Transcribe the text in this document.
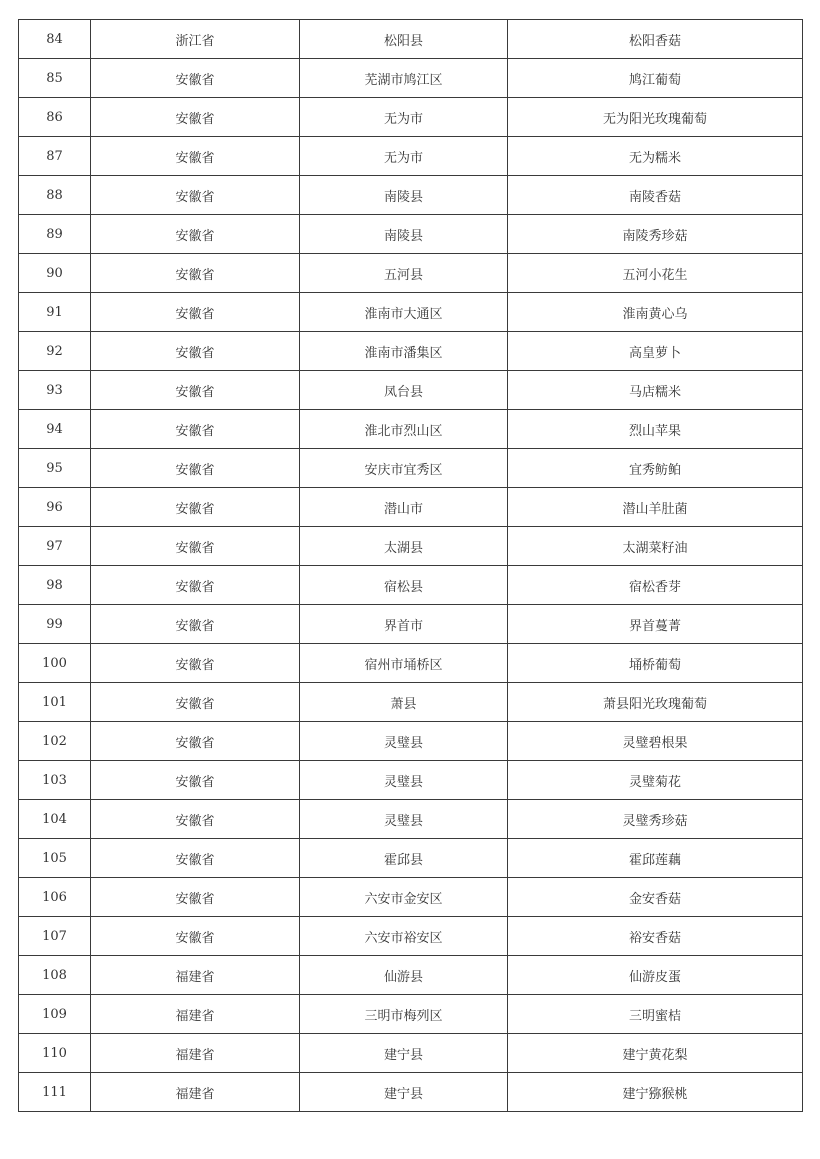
84	浙江省	松阳县	松阳香菇
85	安徽省	芜湖市鸠江区	鸠江葡萄
86	安徽省	无为市	无为阳光玫瑰葡萄
87	安徽省	无为市	无为糯米
88	安徽省	南陵县	南陵香菇
89	安徽省	南陵县	南陵秀珍菇
90	安徽省	五河县	五河小花生
91	安徽省	淮南市大通区	淮南黄心乌
92	安徽省	淮南市潘集区	高皇萝卜
93	安徽省	凤台县	马店糯米
94	安徽省	淮北市烈山区	烈山苹果
95	安徽省	安庆市宜秀区	宜秀鲂鲌
96	安徽省	潜山市	潜山羊肚菌
97	安徽省	太湖县	太湖菜籽油
98	安徽省	宿松县	宿松香芽
99	安徽省	界首市	界首蔓菁
100	安徽省	宿州市埇桥区	埇桥葡萄
101	安徽省	萧县	萧县阳光玫瑰葡萄
102	安徽省	灵璧县	灵璧碧根果
103	安徽省	灵璧县	灵璧菊花
104	安徽省	灵璧县	灵璧秀珍菇
105	安徽省	霍邱县	霍邱莲藕
106	安徽省	六安市金安区	金安香菇
107	安徽省	六安市裕安区	裕安香菇
108	福建省	仙游县	仙游皮蛋
109	福建省	三明市梅列区	三明蜜桔
110	福建省	建宁县	建宁黄花梨
111	福建省	建宁县	建宁猕猴桃
